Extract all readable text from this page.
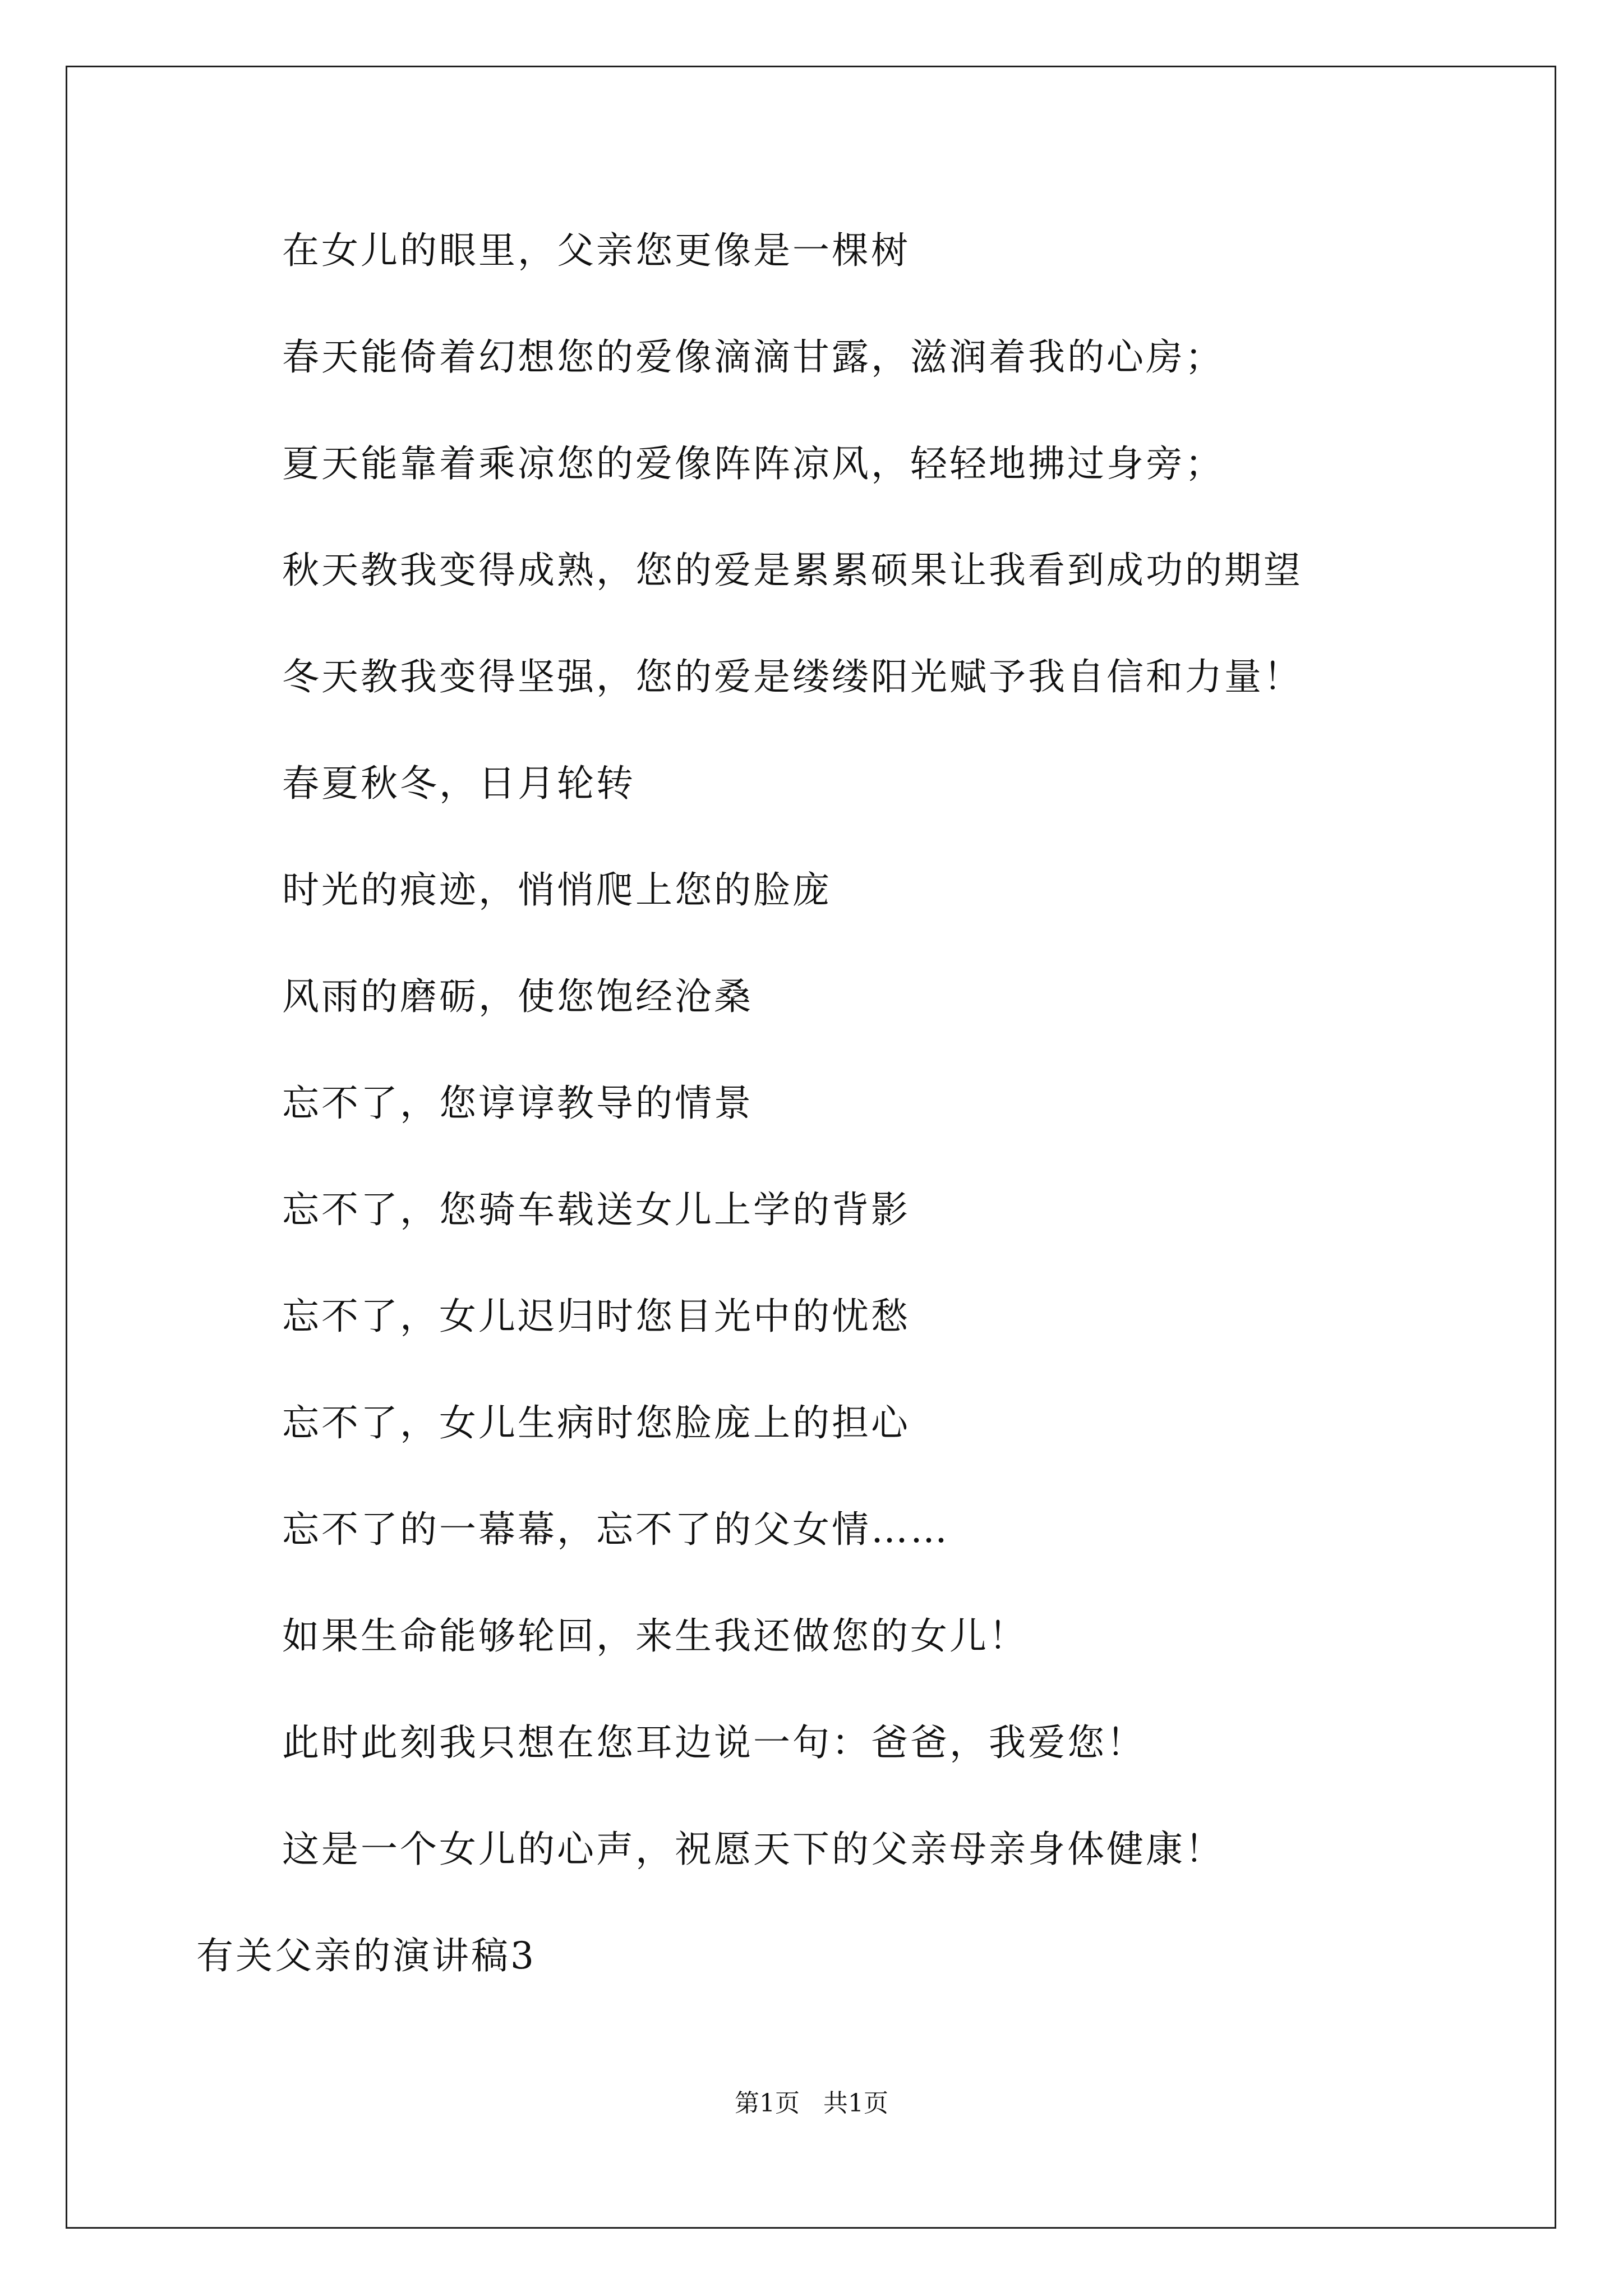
在女儿的眼里，父亲您更像是一棵树
春天能倚着幻想您的爱像滴滴甘露，滋润着我的心房；
夏天能靠着乘凉您的爱像阵阵凉风，轻轻地拂过身旁；
秋天教我变得成熟，您的爱是累累硕果让我看到成功的期望
冬天教我变得坚强，您的爱是缕缕阳光赋予我自信和力量！
春夏秋冬，日月轮转
时光的痕迹，悄悄爬上您的脸庞
风雨的磨砺，使您饱经沧桑
忘不了，您谆谆教导的情景
忘不了，您骑车载送女儿上学的背影
忘不了，女儿迟归时您目光中的忧愁
忘不了，女儿生病时您脸庞上的担心
忘不了的一幕幕，忘不了的父女情……
如果生命能够轮回，来生我还做您的女儿！
此时此刻我只想在您耳边说一句：爸爸，我爱您！
这是一个女儿的心声，祝愿天下的父亲母亲身体健康！
有关父亲的演讲稿3
第1页 共1页
